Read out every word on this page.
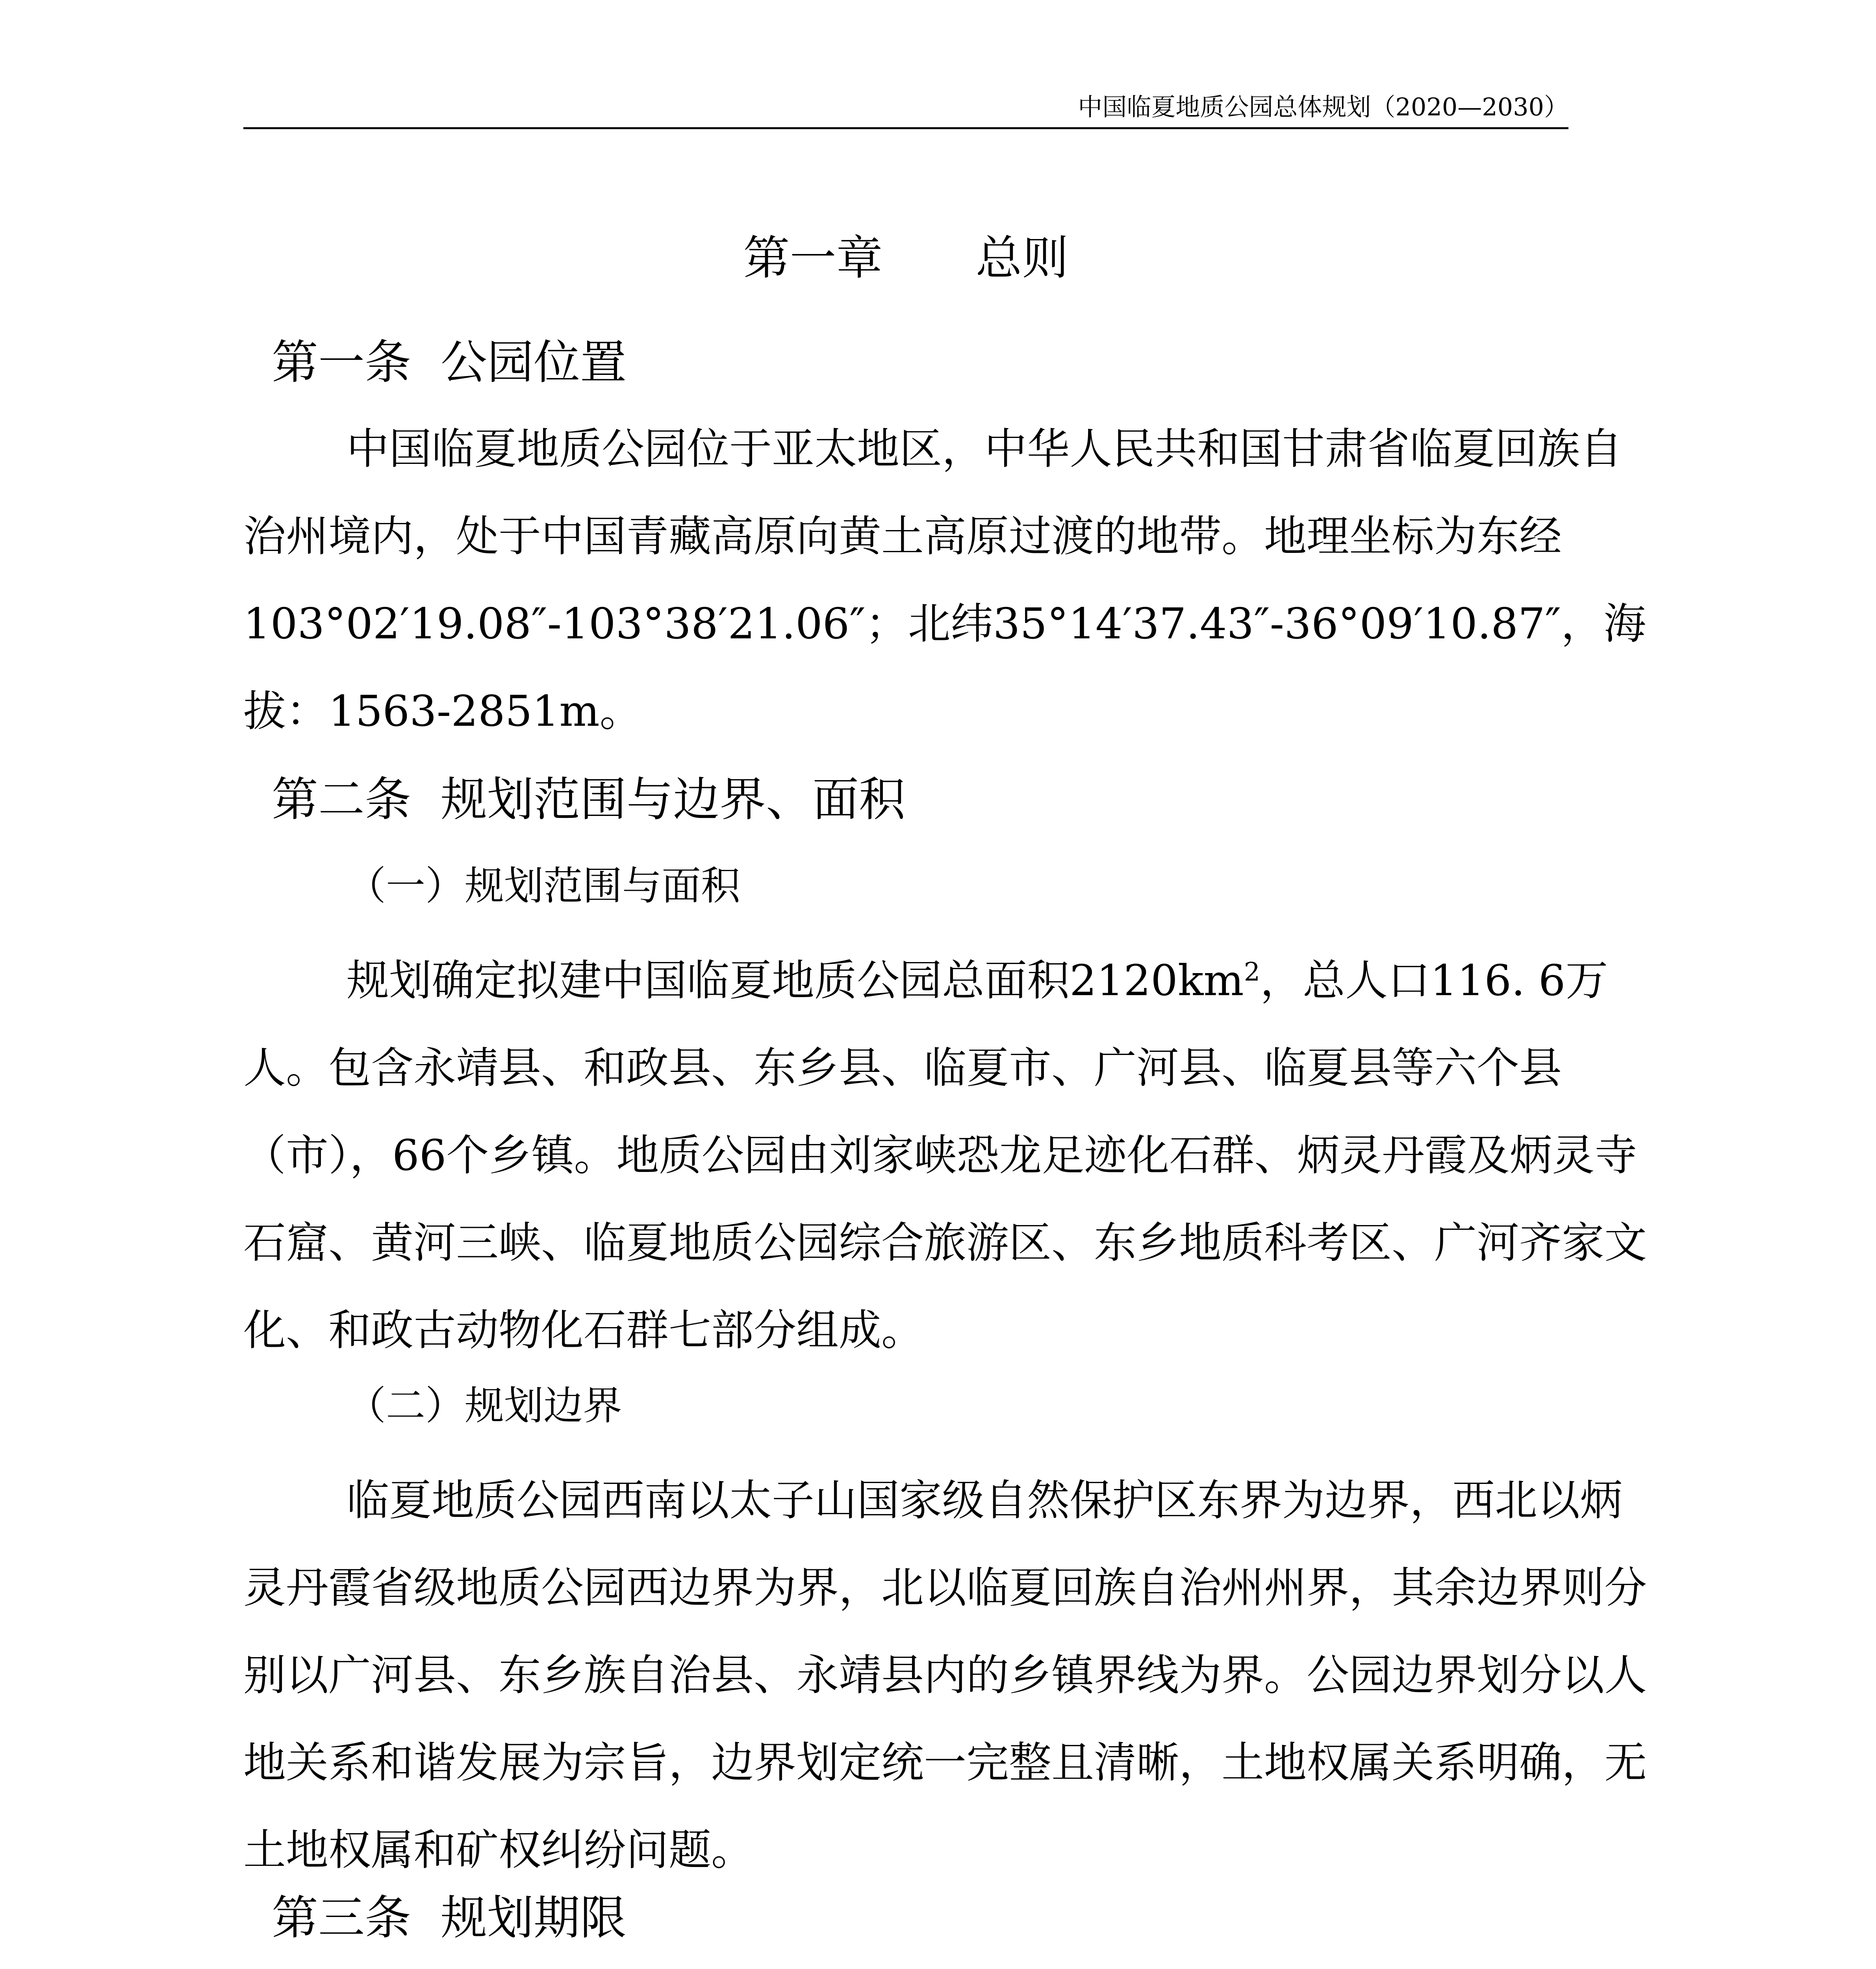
中国临夏地质公园总体规划（2020—2030）
第一章　　总则
第一条  公园位置

中国临夏地质公园位于亚太地区，中华人民共和国甘肃省临夏回族自治州境内，处于中国青藏高原向黄土高原过渡的地带。地理坐标为东经103°02′19.08″-103°38′21.06″；北纬35°14′37.43″-36°09′10.87″，海拔：1563-2851m。

第二条  规划范围与边界、面积
（一）规划范围与面积

规划确定拟建中国临夏地质公园总面积$2120km^2$，总人口116. 6万人。包含永靖县、和政县、东乡县、临夏市、广河县、临夏县等六个县（市），66个乡镇。地质公园由刘家峡恐龙足迹化石群、炳灵丹霞及炳灵寺石窟、黄河三峡、临夏地质公园综合旅游区、东乡地质科考区、广河齐家文化、和政古动物化石群七部分组成。

（二）规划边界

临夏地质公园西南以太子山国家级自然保护区东界为边界，西北以炳灵丹霞省级地质公园西边界为界，北以临夏回族自治州州界，其余边界则分别以广河县、东乡族自治县、永靖县内的乡镇界线为界。公园边界划分以人地关系和谐发展为宗旨，边界划定统一完整且清晰，土地权属关系明确，无土地权属和矿权纠纷问题。

第三条  规划期限
